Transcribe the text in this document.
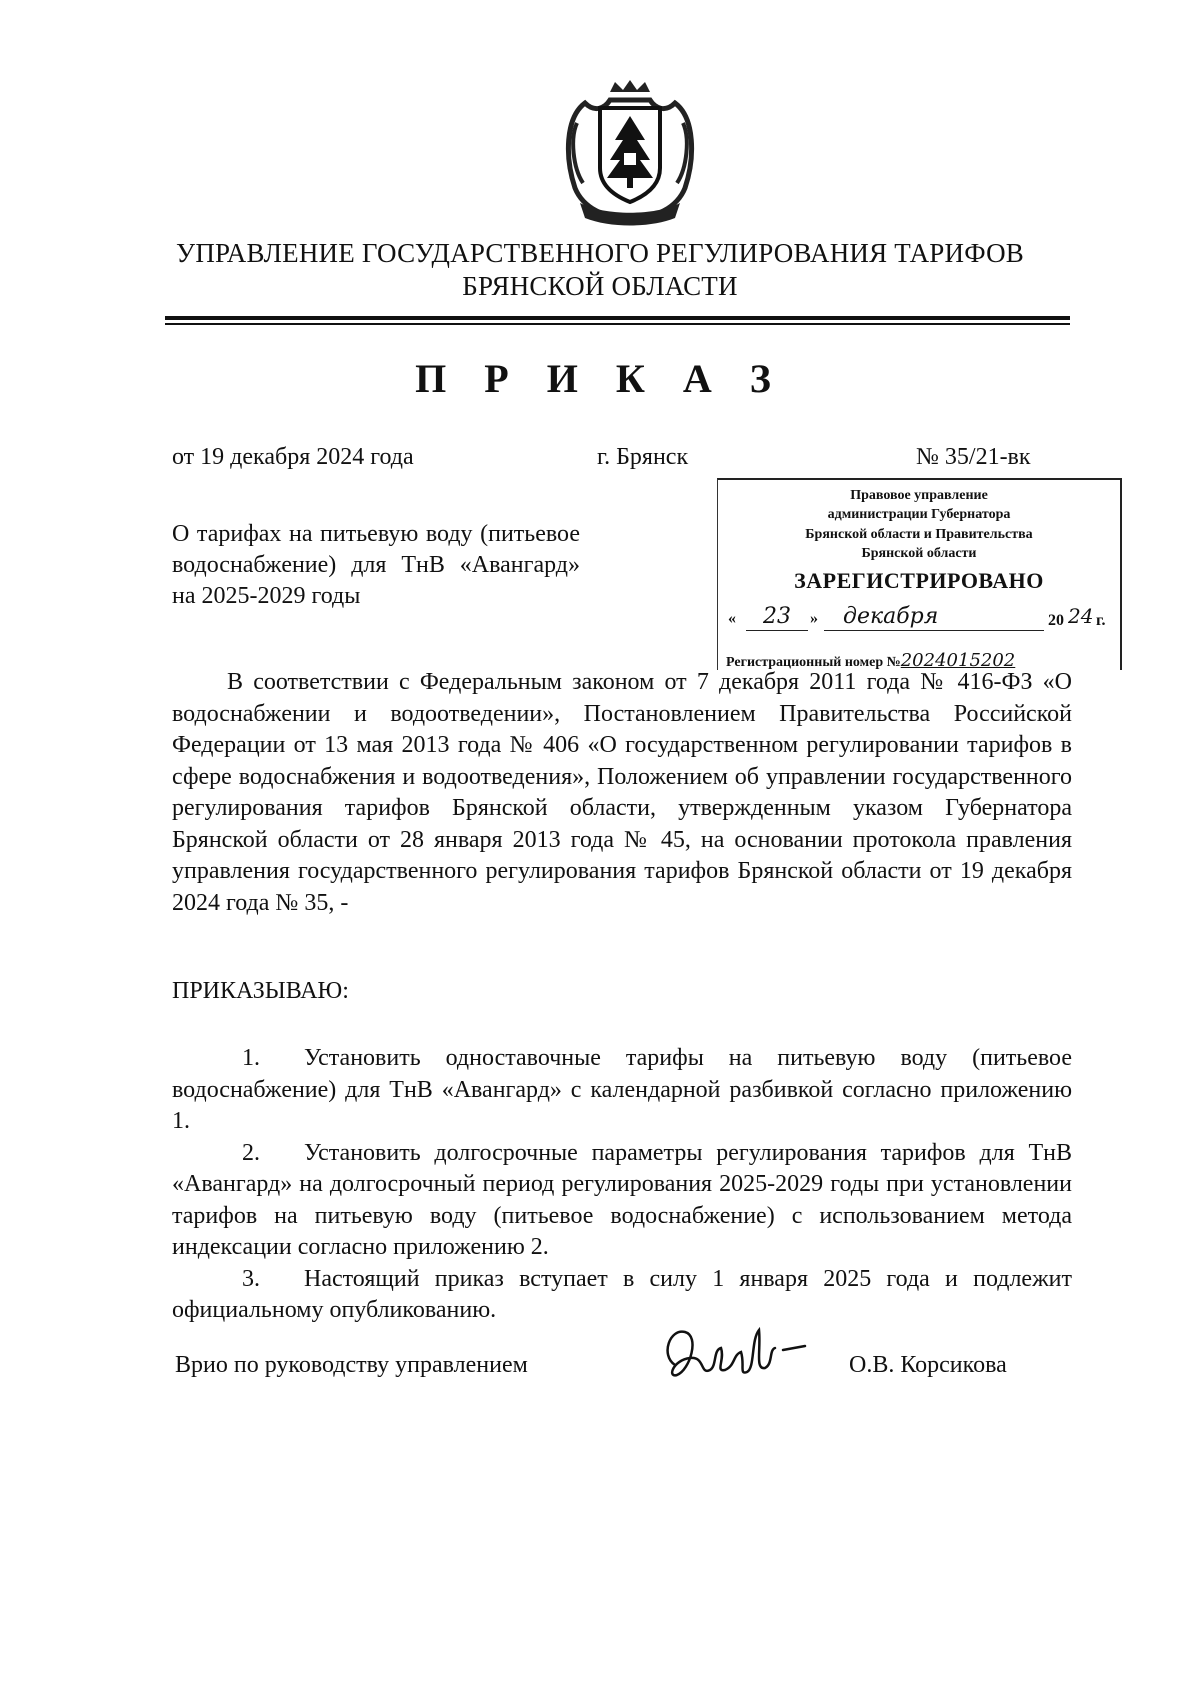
УПРАВЛЕНИЕ ГОСУДАРСТВЕННОГО РЕГУЛИРОВАНИЯ ТАРИФОВ
БРЯНСКОЙ ОБЛАСТИ
П Р И К А З
от 19 декабря 2024 года	г. Брянск	№ 35/21-вк
О тарифах на питьевую воду (питьевое водоснабжение) для ТнВ «Авангард» на 2025-2029 годы
Правовое управление
администрации Губернатора
Брянской области и Правительства
Брянской области
ЗАРЕГИСТРИРОВАНО
« 23 » декабря	20 24 г.
Регистрационный номер №2024015202

В соответствии с Федеральным законом от 7 декабря 2011 года № 416-ФЗ «О водоснабжении и водоотведении», Постановлением Правительства Российской Федерации от 13 мая 2013 года № 406 «О государственном регулировании тарифов в сфере водоснабжения и водоотведения», Положением об управлении государственного регулирования тарифов Брянской области, утвержденным указом Губернатора Брянской области от 28 января 2013 года № 45, на основании протокола правления управления государственного регулирования тарифов Брянской области от 19 декабря 2024 года № 35, -

ПРИКАЗЫВАЮ:

1. Установить одноставочные тарифы на питьевую воду (питьевое водоснабжение) для ТнВ «Авангард» с календарной разбивкой согласно приложению 1.

2. Установить долгосрочные параметры регулирования тарифов для ТнВ «Авангард» на долгосрочный период регулирования 2025-2029 годы при установлении тарифов на питьевую воду (питьевое водоснабжение) с использованием метода индексации согласно приложению 2.

3. Настоящий приказ вступает в силу 1 января 2025 года и подлежит официальному опубликованию.

Врио по руководству управлением	О.В. Корсикова
